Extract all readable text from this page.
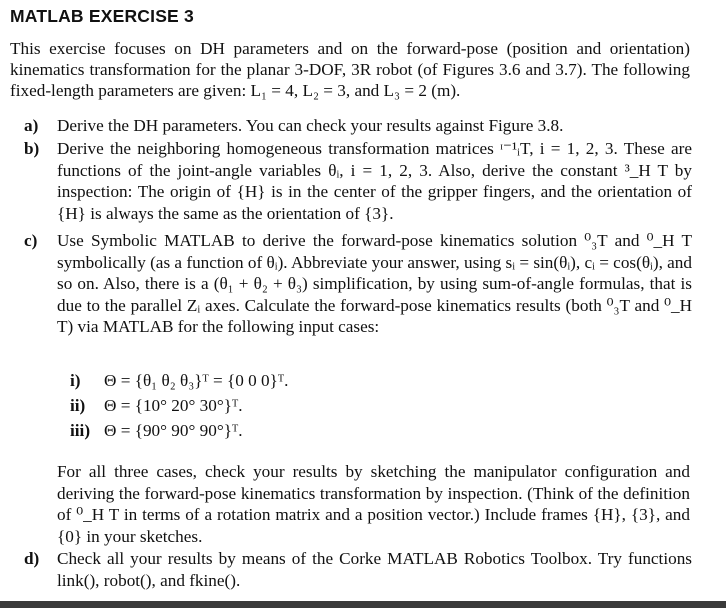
MATLAB EXERCISE 3
This exercise focuses on DH parameters and on the forward-pose (position and orientation) kinematics transformation for the planar 3-DOF, 3R robot (of Figures 3.6 and 3.7). The following fixed-length parameters are given: L₁ = 4, L₂ = 3, and L₃ = 2 (m).
a) Derive the DH parameters. You can check your results against Figure 3.8.
b) Derive the neighboring homogeneous transformation matrices ᶦ⁻¹ᵢT, i = 1, 2, 3. These are functions of the joint-angle variables θᵢ, i = 1, 2, 3. Also, derive the constant ³_H T by inspection: The origin of {H} is in the center of the gripper fingers, and the orientation of {H} is always the same as the orientation of {3}.
c) Use Symbolic MATLAB to derive the forward-pose kinematics solution ⁰₃T and ⁰_H T symbolically (as a function of θᵢ). Abbreviate your answer, using sᵢ = sin(θᵢ), cᵢ = cos(θᵢ), and so on. Also, there is a (θ₁ + θ₂ + θ₃) simplification, by using sum-of-angle formulas, that is due to the parallel Zᵢ axes. Calculate the forward-pose kinematics results (both ⁰₃T and ⁰_H T) via MATLAB for the following input cases:
i) Θ = {θ₁ θ₂ θ₃}ᵀ = {0 0 0}ᵀ.
ii) Θ = {10° 20° 30°}ᵀ.
iii) Θ = {90° 90° 90°}ᵀ.
For all three cases, check your results by sketching the manipulator configuration and deriving the forward-pose kinematics transformation by inspection. (Think of the definition of ⁰_H T in terms of a rotation matrix and a position vector.) Include frames {H}, {3}, and {0} in your sketches.
d) Check all your results by means of the Corke MATLAB Robotics Toolbox. Try functions link(), robot(), and fkine().
